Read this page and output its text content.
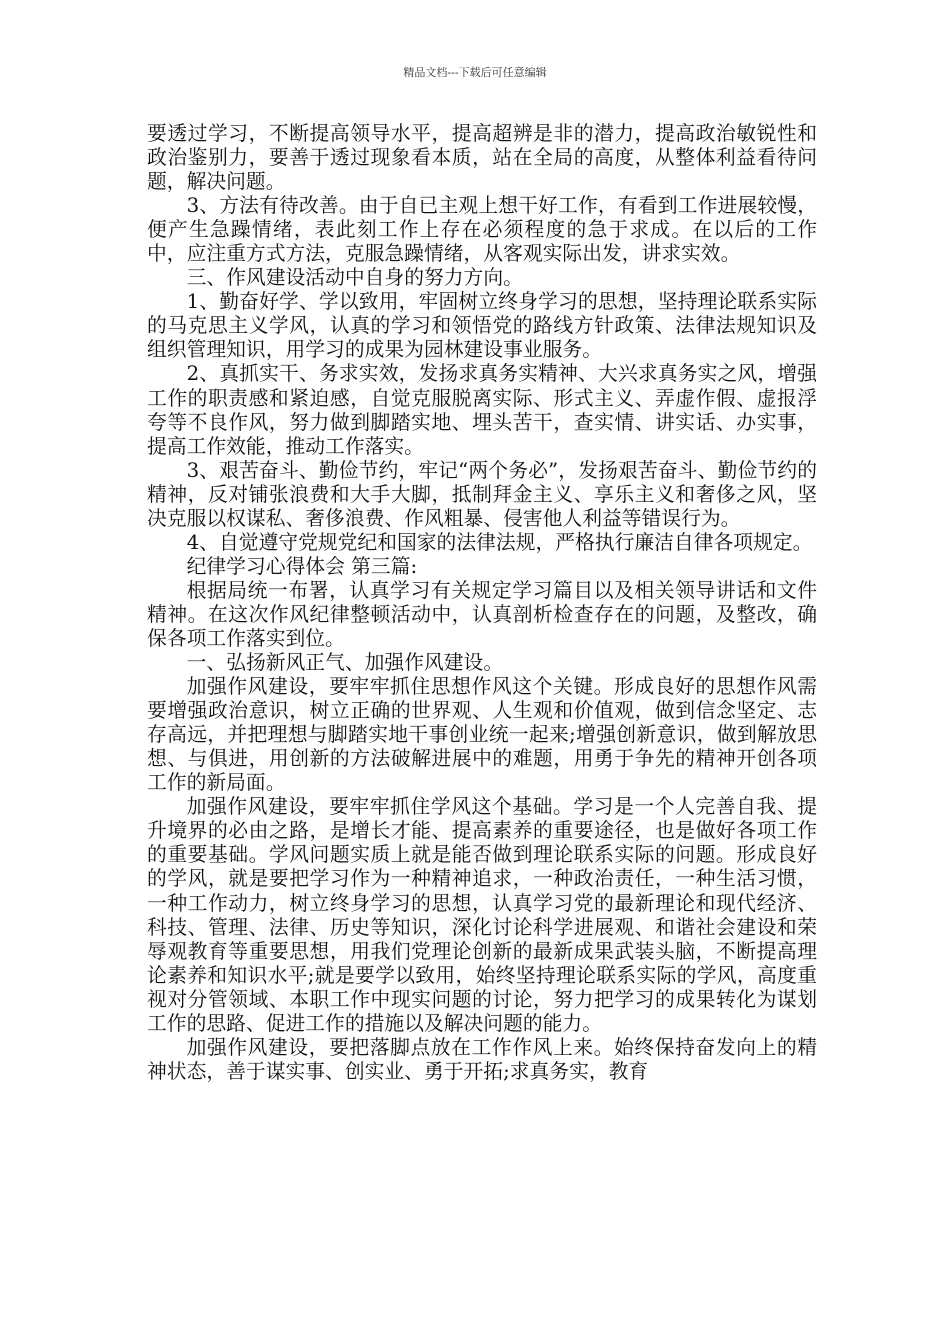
精品文档---下载后可任意编辑

要透过学习，不断提高领导水平，提高超辨是非的潜力，提高政治敏锐性和政治鉴别力，要善于透过现象看本质，站在全局的高度，从整体利益看待问题，解决问题。

3、方法有待改善。由于自已主观上想干好工作，有看到工作进展较慢，便产生急躁情绪，表此刻工作上存在必须程度的急于求成。在以后的工作中，应注重方式方法，克服急躁情绪，从客观实际出发，讲求实效。

三、作风建设活动中自身的努力方向。

1、勤奋好学、学以致用，牢固树立终身学习的思想，坚持理论联系实际的马克思主义学风，认真的学习和领悟党的路线方针政策、法律法规知识及组织管理知识，用学习的成果为园林建设事业服务。

2、真抓实干、务求实效，发扬求真务实精神、大兴求真务实之风，增强工作的职责感和紧迫感，自觉克服脱离实际、形式主义、弄虚作假、虚报浮夸等不良作风，努力做到脚踏实地、埋头苦干，查实情、讲实话、办实事，提高工作效能，推动工作落实。

3、艰苦奋斗、勤俭节约，牢记“两个务必”，发扬艰苦奋斗、勤俭节约的精神，反对铺张浪费和大手大脚，抵制拜金主义、享乐主义和奢侈之风，坚决克服以权谋私、奢侈浪费、作风粗暴、侵害他人利益等错误行为。

4、自觉遵守党规党纪和国家的法律法规，严格执行廉洁自律各项规定。

纪律学习心得体会 第三篇:

根据局统一布署，认真学习有关规定学习篇目以及相关领导讲话和文件精神。在这次作风纪律整顿活动中，认真剖析检查存在的问题，及整改，确保各项工作落实到位。

一、弘扬新风正气、加强作风建设。

加强作风建设，要牢牢抓住思想作风这个关键。形成良好的思想作风需要增强政治意识，树立正确的世界观、人生观和价值观，做到信念坚定、志存高远，并把理想与脚踏实地干事创业统一起来;增强创新意识，做到解放思想、与俱进，用创新的方法破解进展中的难题，用勇于争先的精神开创各项工作的新局面。

加强作风建设，要牢牢抓住学风这个基础。学习是一个人完善自我、提升境界的必由之路，是增长才能、提高素养的重要途径，也是做好各项工作的重要基础。学风问题实质上就是能否做到理论联系实际的问题。形成良好的学风，就是要把学习作为一种精神追求，一种政治责任，一种生活习惯，一种工作动力，树立终身学习的思想，认真学习党的最新理论和现代经济、科技、管理、法律、历史等知识，深化讨论科学进展观、和谐社会建设和荣辱观教育等重要思想，用我们党理论创新的最新成果武装头脑，不断提高理论素养和知识水平;就是要学以致用，始终坚持理论联系实际的学风，高度重视对分管领域、本职工作中现实问题的讨论，努力把学习的成果转化为谋划工作的思路、促进工作的措施以及解决问题的能力。

加强作风建设，要把落脚点放在工作作风上来。始终保持奋发向上的精神状态，善于谋实事、创实业、勇于开拓;求真务实，教育
